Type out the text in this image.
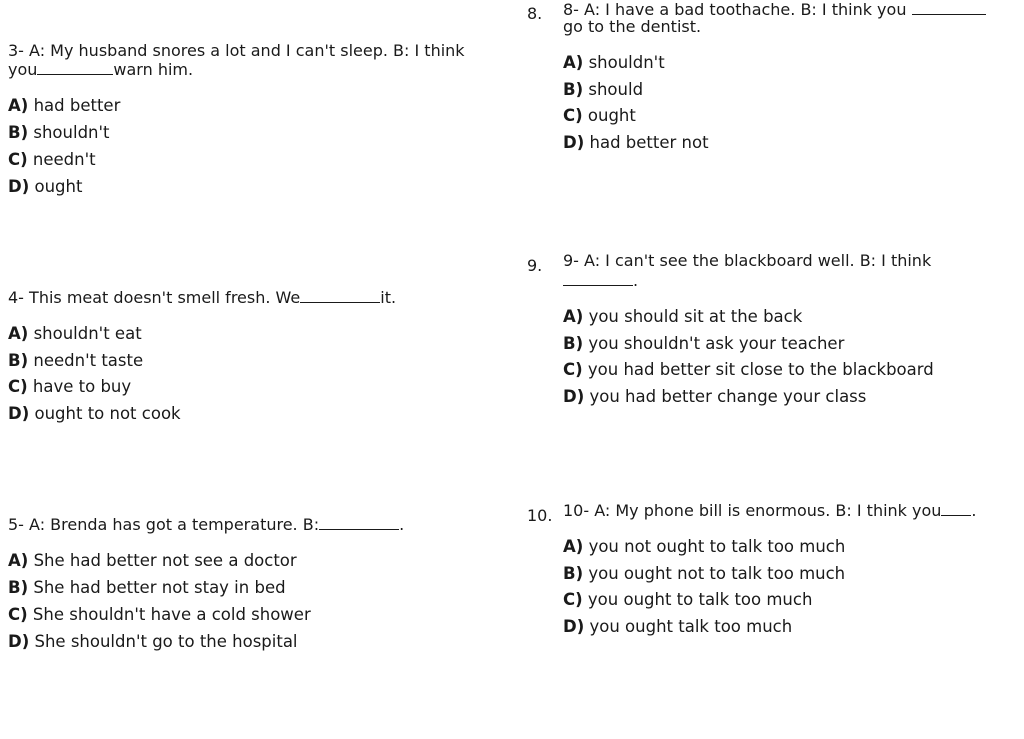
3- A: My husband snores a lot and I can't sleep. B: I think you	warn him.

A) had better
B) shouldn't
C) needn't
D) ought

4- This meat doesn't smell fresh. We	it.

A) shouldn't eat
B) needn't taste
C) have to buy
D) ought to not cook

5- A: Brenda has got a temperature. B:	.

A) She had better not see a doctor
B) She had better not stay in bed
C) She shouldn't have a cold shower
D) She shouldn't go to the hospital
8.
9.
10.

8- A: I have a bad toothache. B: I think you
go to the dentist.

A) shouldn't
B) should
C) ought
D) had better not

9- A: I can't see the blackboard well. B: I think
.

A) you should sit at the back
B) you shouldn't ask your teacher
C) you had better sit close to the blackboard
D) you had better change your class

10- A: My phone bill is enormous. B: I think you .

A) you not ought to talk too much
B) you ought not to talk too much
C) you ought to talk too much
D) you ought talk too much
